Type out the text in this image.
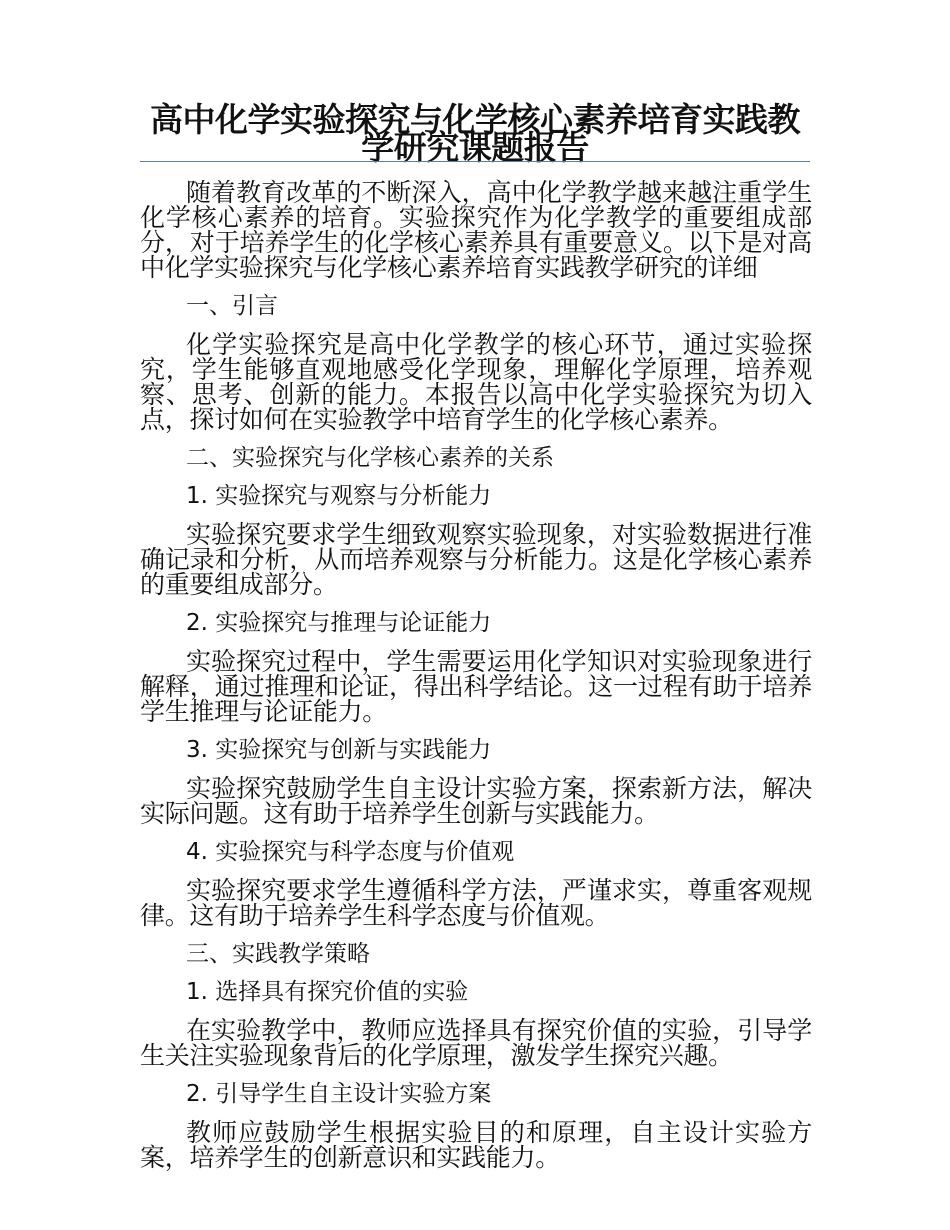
高中化学实验探究与化学核心素养培育实践教学研究课题报告

随着教育改革的不断深入，高中化学教学越来越注重学生化学核心素养的培育。实验探究作为化学教学的重要组成部分，对于培养学生的化学核心素养具有重要意义。以下是对高中化学实验探究与化学核心素养培育实践教学研究的详细

一、引言

化学实验探究是高中化学教学的核心环节，通过实验探究，学生能够直观地感受化学现象，理解化学原理，培养观察、思考、创新的能力。本报告以高中化学实验探究为切入点，探讨如何在实验教学中培育学生的化学核心素养。

二、实验探究与化学核心素养的关系

1. 实验探究与观察与分析能力

实验探究要求学生细致观察实验现象，对实验数据进行准确记录和分析，从而培养观察与分析能力。这是化学核心素养的重要组成部分。

2. 实验探究与推理与论证能力

实验探究过程中，学生需要运用化学知识对实验现象进行解释，通过推理和论证，得出科学结论。这一过程有助于培养学生推理与论证能力。

3. 实验探究与创新与实践能力

实验探究鼓励学生自主设计实验方案，探索新方法，解决实际问题。这有助于培养学生创新与实践能力。

4. 实验探究与科学态度与价值观

实验探究要求学生遵循科学方法，严谨求实，尊重客观规律。这有助于培养学生科学态度与价值观。

三、实践教学策略

1. 选择具有探究价值的实验

在实验教学中，教师应选择具有探究价值的实验，引导学生关注实验现象背后的化学原理，激发学生探究兴趣。

2. 引导学生自主设计实验方案

教师应鼓励学生根据实验目的和原理，自主设计实验方案，培养学生的创新意识和实践能力。
